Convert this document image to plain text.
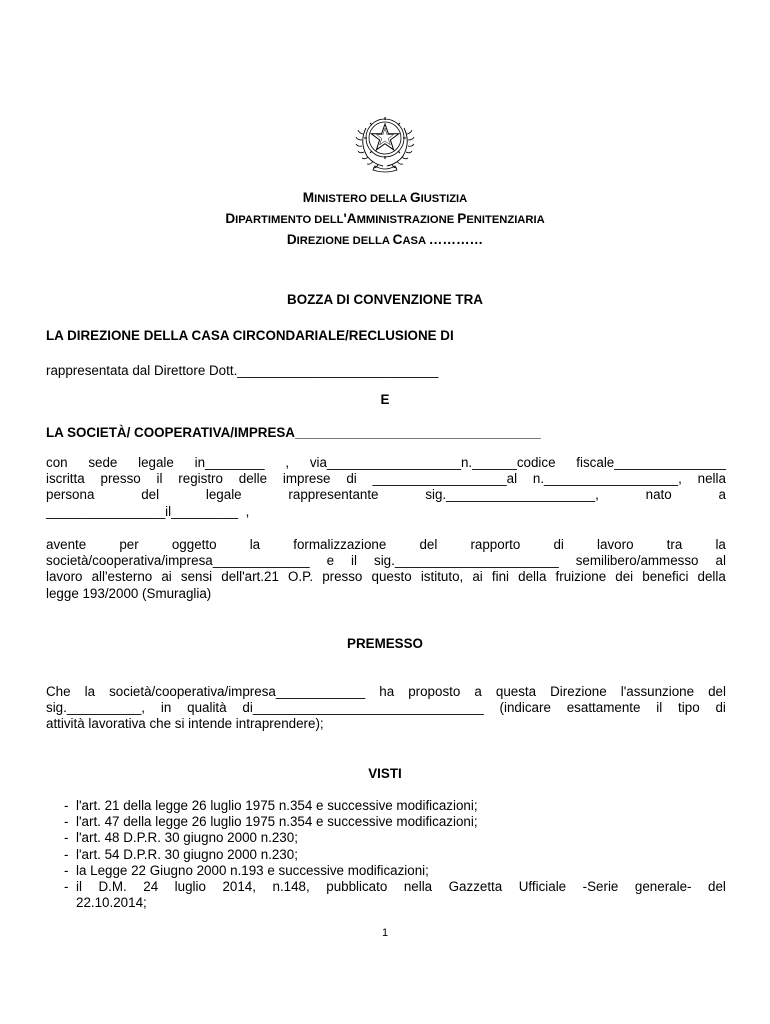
MINISTERO DELLA GIUSTIZIA
DIPARTIMENTO DELL'AMMINISTRAZIONE PENITENZIARIA
DIREZIONE DELLA CASA …………
BOZZA DI CONVENZIONE TRA
LA DIREZIONE DELLA CASA CIRCONDARIALE/RECLUSIONE DI
rappresentata dal Direttore Dott.___________________________
E
LA SOCIETÀ/ COOPERATIVA/IMPRESA_________________________________
con sede legale in________ , via__________________n.______codice fiscale_______________
iscritta presso il registro delle imprese di __________________al n.__________________, nella
persona	del	legale	rappresentante	sig.____________________,	nato	a
________________il_________  ,
avente per oggetto la formalizzazione del rapporto di lavoro tra la
società/cooperativa/impresa_____________ e il sig.______________________ semilibero/ammesso al
lavoro all'esterno ai sensi dell'art.21 O.P. presso questo istituto, ai fini della fruizione dei benefici della
legge 193/2000 (Smuraglia)
PREMESSO
Che la società/cooperativa/impresa____________ ha proposto a questa Direzione l'assunzione del
sig.__________, in qualità di_______________________________ (indicare esattamente il tipo di
attività lavorativa che si intende intraprendere);
VISTI
- l'art. 21 della legge 26 luglio 1975 n.354 e successive modificazioni;
- l'art. 47 della legge 26 luglio 1975 n.354 e successive modificazioni;
- l'art. 48 D.P.R. 30 giugno 2000 n.230;
- l'art. 54 D.P.R. 30 giugno 2000 n.230;
- la Legge 22 Giugno 2000 n.193 e successive modificazioni;
- il D.M. 24 luglio 2014, n.148, pubblicato nella Gazzetta Ufficiale -Serie generale- del
22.10.2014;
1
